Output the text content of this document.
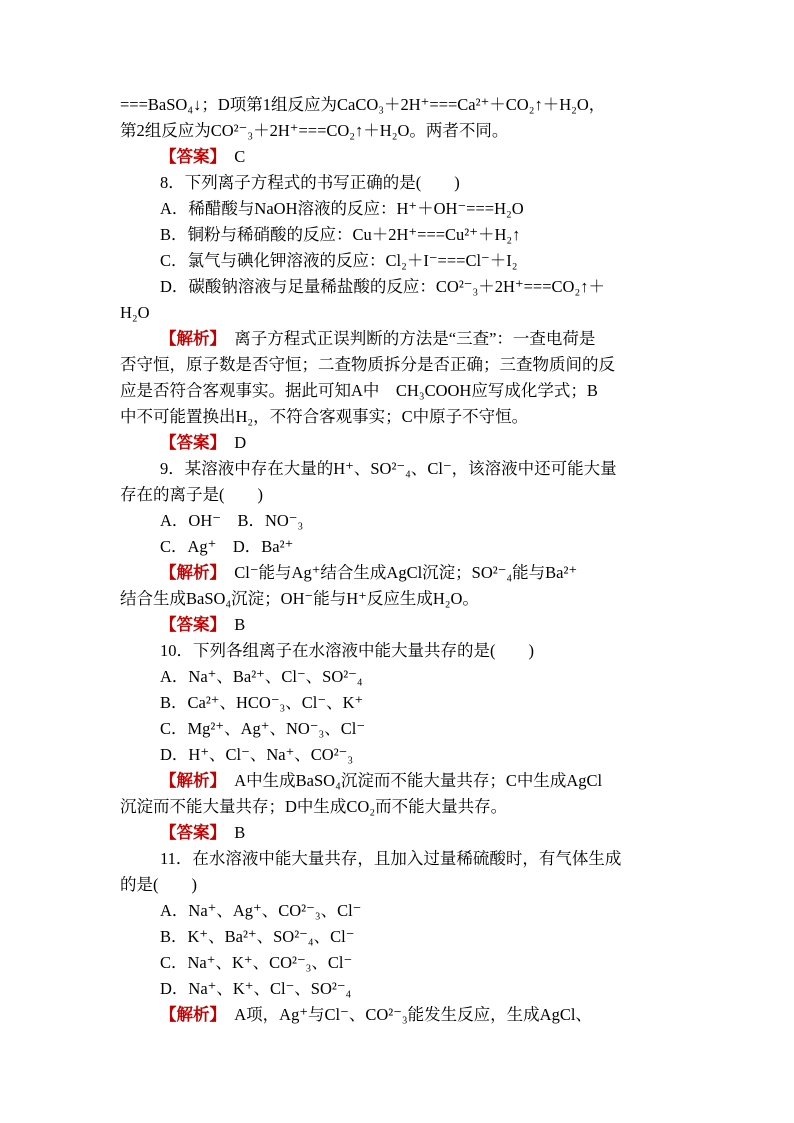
===BaSO₄↓；D项第1组反应为CaCO₃＋2H⁺===Ca²⁺＋CO₂↑＋H₂O，
第2组反应为CO²⁻₃＋2H⁺===CO₂↑＋H₂O。两者不同。
【答案】　C
8．下列离子方程式的书写正确的是(　　)
A．稀醋酸与NaOH溶液的反应：H⁺＋OH⁻===H₂O
B．铜粉与稀硝酸的反应：Cu＋2H⁺===Cu²⁺＋H₂↑
C．氯气与碘化钾溶液的反应：Cl₂＋I⁻===Cl⁻＋I₂
D．碳酸钠溶液与足量稀盐酸的反应：CO²⁻₃＋2H⁺===CO₂↑＋
H₂O
【解析】　离子方程式正误判断的方法是“三查”：一查电荷是
否守恒，原子数是否守恒；二查物质拆分是否正确；三查物质间的反
应是否符合客观事实。据此可知A中　CH₃COOH应写成化学式；B
中不可能置换出H₂，不符合客观事实；C中原子不守恒。
【答案】　D
9．某溶液中存在大量的H⁺、SO²⁻₄、Cl⁻，该溶液中还可能大量
存在的离子是(　　)
A．OH⁻　B．NO⁻₃
C．Ag⁺　D．Ba²⁺
【解析】　Cl⁻能与Ag⁺结合生成AgCl沉淀；SO²⁻₄能与Ba²⁺
结合生成BaSO₄沉淀；OH⁻能与H⁺反应生成H₂O。
【答案】　B
10．下列各组离子在水溶液中能大量共存的是(　　)
A．Na⁺、Ba²⁺、Cl⁻、SO²⁻₄
B．Ca²⁺、HCO⁻₃、Cl⁻、K⁺
C．Mg²⁺、Ag⁺、NO⁻₃、Cl⁻
D．H⁺、Cl⁻、Na⁺、CO²⁻₃
【解析】　A中生成BaSO₄沉淀而不能大量共存；C中生成AgCl
沉淀而不能大量共存；D中生成CO₂而不能大量共存。
【答案】　B
11．在水溶液中能大量共存，且加入过量稀硫酸时，有气体生成
的是(　　)
A．Na⁺、Ag⁺、CO²⁻₃、Cl⁻
B．K⁺、Ba²⁺、SO²⁻₄、Cl⁻
C．Na⁺、K⁺、CO²⁻₃、Cl⁻
D．Na⁺、K⁺、Cl⁻、SO²⁻₄
【解析】　A项，Ag⁺与Cl⁻、CO²⁻₃能发生反应，生成AgCl、
